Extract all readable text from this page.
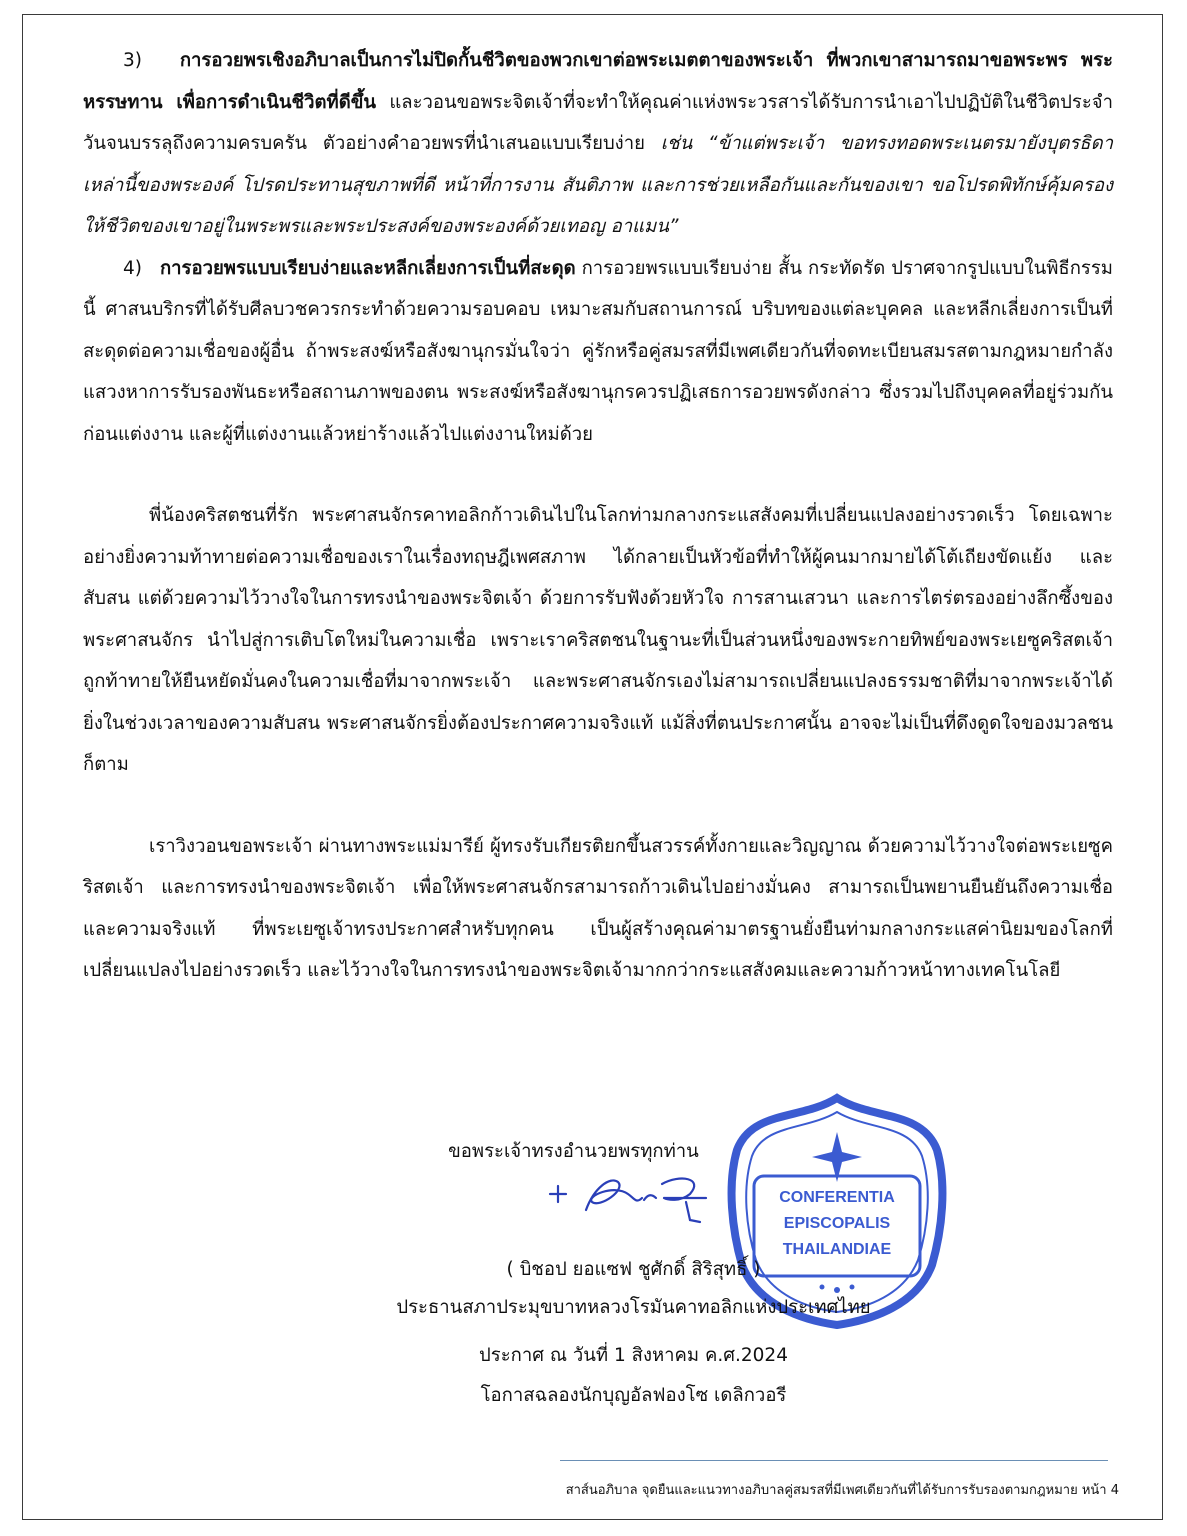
3) การอวยพรเชิงอภิบาลเป็นการไม่ปิดกั้นชีวิตของพวกเขาต่อพระเมตตาของพระเจ้า ที่พวกเขาสามารถมาขอพระพร พระหรรษทาน เพื่อการดำเนินชีวิตที่ดีขึ้น และวอนขอพระจิตเจ้าที่จะทำให้คุณค่าแห่งพระวรสารได้รับการนำเอาไปปฏิบัติในชีวิตประจำวันจนบรรลุถึงความครบครัน ตัวอย่างคำอวยพรที่นำเสนอแบบเรียบง่าย เช่น “ข้าแต่พระเจ้า ขอทรงทอดพระเนตรมายังบุตรธิดาเหล่านี้ของพระองค์ โปรดประทานสุขภาพที่ดี หน้าที่การงาน สันติภาพ และการช่วยเหลือกันและกันของเขา ขอโปรดพิทักษ์คุ้มครองให้ชีวิตของเขาอยู่ในพระพรและพระประสงค์ของพระองค์ด้วยเทอญ อาแมน”

4) การอวยพรแบบเรียบง่ายและหลีกเลี่ยงการเป็นที่สะดุด การอวยพรแบบเรียบง่าย สั้น กระทัดรัด ปราศจากรูปแบบในพิธีกรรมนี้ ศาสนบริกรที่ได้รับศีลบวชควรกระทำด้วยความรอบคอบ เหมาะสมกับสถานการณ์ บริบทของแต่ละบุคคล และหลีกเลี่ยงการเป็นที่สะดุดต่อความเชื่อของผู้อื่น ถ้าพระสงฆ์หรือสังฆานุกรมั่นใจว่า คู่รักหรือคู่สมรสที่มีเพศเดียวกันที่จดทะเบียนสมรสตามกฎหมายกำลังแสวงหาการรับรองพันธะหรือสถานภาพของตน พระสงฆ์หรือสังฆานุกรควรปฏิเสธการอวยพรดังกล่าว ซึ่งรวมไปถึงบุคคลที่อยู่ร่วมกันก่อนแต่งงาน และผู้ที่แต่งงานแล้วหย่าร้างแล้วไปแต่งงานใหม่ด้วย

พี่น้องคริสตชนที่รัก พระศาสนจักรคาทอลิกก้าวเดินไปในโลกท่ามกลางกระแสสังคมที่เปลี่ยนแปลงอย่างรวดเร็ว โดยเฉพาะอย่างยิ่งความท้าทายต่อความเชื่อของเราในเรื่องทฤษฎีเพศสภาพ ได้กลายเป็นหัวข้อที่ทำให้ผู้คนมากมายได้โต้เถียงขัดแย้ง และสับสน แต่ด้วยความไว้วางใจในการทรงนำของพระจิตเจ้า ด้วยการรับฟังด้วยหัวใจ การสานเสวนา และการไตร่ตรองอย่างลึกซึ้งของพระศาสนจักร นำไปสู่การเติบโตใหม่ในความเชื่อ เพราะเราคริสตชนในฐานะที่เป็นส่วนหนึ่งของพระกายทิพย์ของพระเยซูคริสตเจ้า ถูกท้าทายให้ยืนหยัดมั่นคงในความเชื่อที่มาจากพระเจ้า และพระศาสนจักรเองไม่สามารถเปลี่ยนแปลงธรรมชาติที่มาจากพระเจ้าได้ ยิ่งในช่วงเวลาของความสับสน พระศาสนจักรยิ่งต้องประกาศความจริงแท้ แม้สิ่งที่ตนประกาศนั้น อาจจะไม่เป็นที่ดึงดูดใจของมวลชนก็ตาม

เราวิงวอนขอพระเจ้า ผ่านทางพระแม่มารีย์ ผู้ทรงรับเกียรติยกขึ้นสวรรค์ทั้งกายและวิญญาณ ด้วยความไว้วางใจต่อพระเยซูคริสตเจ้า และการทรงนำของพระจิตเจ้า เพื่อให้พระศาสนจักรสามารถก้าวเดินไปอย่างมั่นคง สามารถเป็นพยานยืนยันถึงความเชื่อ และความจริงแท้ ที่พระเยซูเจ้าทรงประกาศสำหรับทุกคน เป็นผู้สร้างคุณค่ามาตรฐานยั่งยืนท่ามกลางกระแสค่านิยมของโลกที่เปลี่ยนแปลงไปอย่างรวดเร็ว และไว้วางใจในการทรงนำของพระจิตเจ้ามากกว่ากระแสสังคมและความก้าวหน้าทางเทคโนโลยี

ขอพระเจ้าทรงอำนวยพรทุกท่าน
CONFERENTIA
EPISCOPALIS
THAILANDIAE
( บิชอป ยอแซฟ ชูศักดิ์ สิริสุทธิ์ )
ประธานสภาประมุขบาทหลวงโรมันคาทอลิกแห่งประเทศไทย
ประกาศ ณ วันที่ 1 สิงหาคม ค.ศ.2024
โอกาสฉลองนักบุญอัลฟองโซ เดลิกวอรี
สาส์นอภิบาล จุดยืนและแนวทางอภิบาลคู่สมรสที่มีเพศเดียวกันที่ได้รับการรับรองตามกฎหมาย หน้า 4
